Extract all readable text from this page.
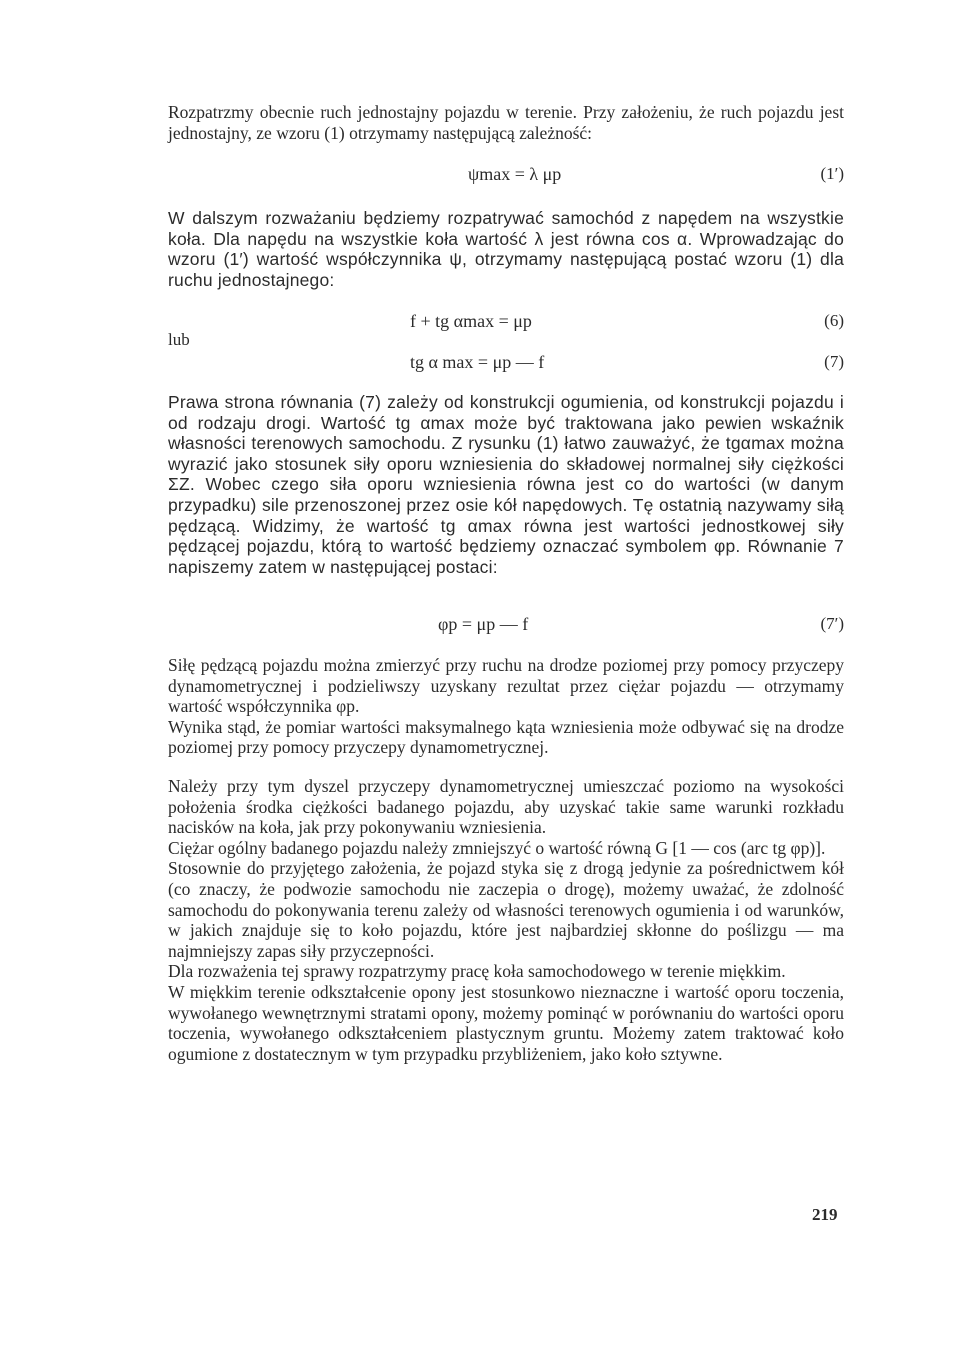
Rozpatrzmy obecnie ruch jednostajny pojazdu w terenie. Przy założeniu, że ruch pojazdu jest jednostajny, ze wzoru (1) otrzymamy następującą zależność:

ψmax = λ μp	(1′)

W dalszym rozważaniu będziemy rozpatrywać samochód z napędem na wszystkie koła. Dla napędu na wszystkie koła wartość λ jest równa cos α. Wprowadzając do wzoru (1′) wartość współczynnika ψ, otrzymamy następującą postać wzoru (1) dla ruchu jednostajnego:

f + tg αmax = μp	(6)
lub
tg α max = μp — f	(7)

Prawa strona równania (7) zależy od konstrukcji ogumienia, od konstrukcji pojazdu i od rodzaju drogi. Wartość tg αmax może być traktowana jako pewien wskaźnik własności terenowych samochodu. Z rysunku (1) łatwo zauważyć, że tgαmax można wyrazić jako stosunek siły oporu wzniesienia do składowej normalnej siły ciężkości ΣZ. Wobec czego siła oporu wzniesienia równa jest co do wartości (w danym przypadku) sile przenoszonej przez osie kół napędowych. Tę ostatnią nazywamy siłą pędzącą. Widzimy, że wartość tg αmax równa jest wartości jednostkowej siły pędzącej pojazdu, którą to wartość będziemy oznaczać symbolem φp. Równanie 7 napiszemy zatem w następującej postaci:

φp = μp — f	(7′)

Siłę pędzącą pojazdu można zmierzyć przy ruchu na drodze poziomej przy pomocy przyczepy dynamometrycznej i podzieliwszy uzyskany rezultat przez ciężar pojazdu — otrzymamy wartość współczynnika φp.

Wynika stąd, że pomiar wartości maksymalnego kąta wzniesienia może odbywać się na drodze poziomej przy pomocy przyczepy dynamometrycznej.

Należy przy tym dyszel przyczepy dynamometrycznej umieszczać poziomo na wysokości położenia środka ciężkości badanego pojazdu, aby uzyskać takie same warunki rozkładu nacisków na koła, jak przy pokonywaniu wzniesienia.

Ciężar ogólny badanego pojazdu należy zmniejszyć o wartość równą G [1 — cos (arc tg φp)].

Stosownie do przyjętego założenia, że pojazd styka się z drogą jedynie za pośrednictwem kół (co znaczy, że podwozie samochodu nie zaczepia o drogę), możemy uważać, że zdolność samochodu do pokonywania terenu zależy od własności terenowych ogumienia i od warunków, w jakich znajduje się to koło pojazdu, które jest najbardziej skłonne do poślizgu — ma najmniejszy zapas siły przyczepności.

Dla rozważenia tej sprawy rozpatrzymy pracę koła samochodowego w terenie miękkim.

W miękkim terenie odkształcenie opony jest stosunkowo nieznaczne i wartość oporu toczenia, wywołanego wewnętrznymi stratami opony, możemy pominąć w porównaniu do wartości oporu toczenia, wywołanego odkształceniem plastycznym gruntu. Możemy zatem traktować koło ogumione z dostatecznym w tym przypadku przybliżeniem, jako koło sztywne.

219
